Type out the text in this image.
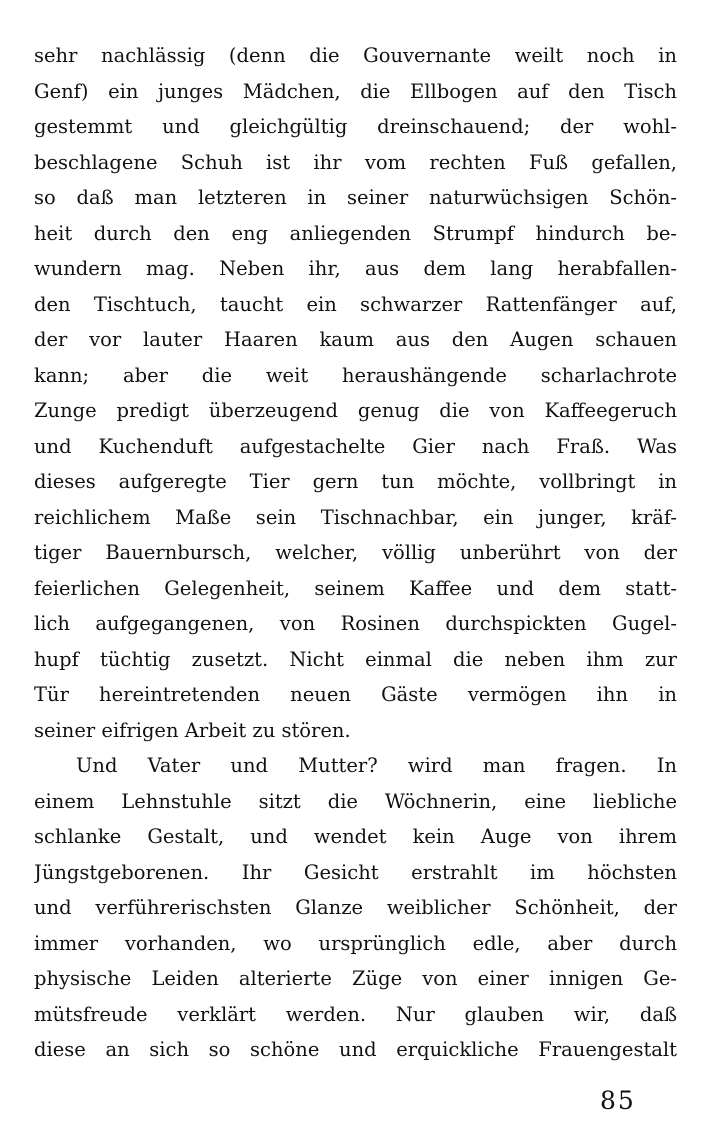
sehr nachlässig (denn die Gouvernante weilt noch in
Genf) ein junges Mädchen, die Ellbogen auf den Tisch
gestemmt und gleichgültig dreinschauend; der wohl-
beschlagene Schuh ist ihr vom rechten Fuß gefallen,
so daß man letzteren in seiner naturwüchsigen Schön-
heit durch den eng anliegenden Strumpf hindurch be-
wundern mag. Neben ihr, aus dem lang herabfallen-
den Tischtuch, taucht ein schwarzer Rattenfänger auf,
der vor lauter Haaren kaum aus den Augen schauen
kann; aber die weit heraushängende scharlachrote
Zunge predigt überzeugend genug die von Kaffeegeruch
und Kuchenduft aufgestachelte Gier nach Fraß. Was
dieses aufgeregte Tier gern tun möchte, vollbringt in
reichlichem Maße sein Tischnachbar, ein junger, kräf-
tiger Bauernbursch, welcher, völlig unberührt von der
feierlichen Gelegenheit, seinem Kaffee und dem statt-
lich aufgegangenen, von Rosinen durchspickten Gugel-
hupf tüchtig zusetzt. Nicht einmal die neben ihm zur
Tür hereintretenden neuen Gäste vermögen ihn in
seiner eifrigen Arbeit zu stören.
Und Vater und Mutter? wird man fragen. In
einem Lehnstuhle sitzt die Wöchnerin, eine liebliche
schlanke Gestalt, und wendet kein Auge von ihrem
Jüngstgeborenen. Ihr Gesicht erstrahlt im höchsten
und verführerischsten Glanze weiblicher Schönheit, der
immer vorhanden, wo ursprünglich edle, aber durch
physische Leiden alterierte Züge von einer innigen Ge-
mütsfreude verklärt werden. Nur glauben wir, daß
diese an sich so schöne und erquickliche Frauengestalt
85
